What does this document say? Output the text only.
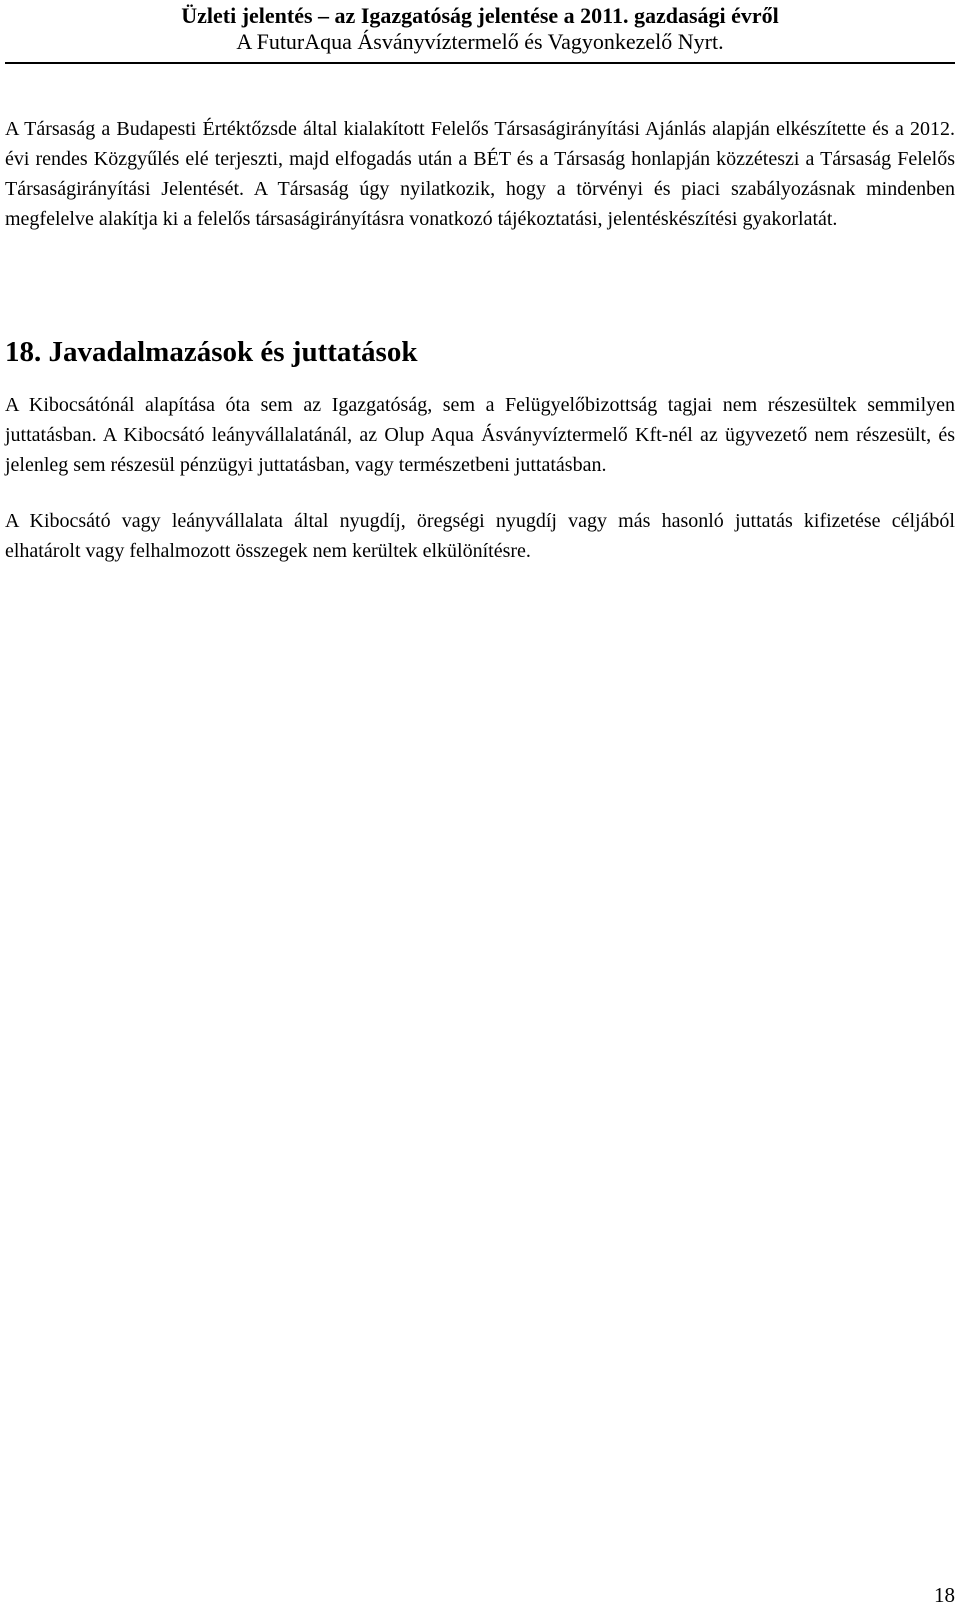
Üzleti jelentés – az Igazgatóság jelentése a 2011. gazdasági évről

A FuturAqua Ásványvíztermelő és Vagyonkezelő Nyrt.

A Társaság a Budapesti Értéktőzsde által kialakított Felelős Társaságirányítási Ajánlás alapján elkészítette és a 2012. évi rendes Közgyűlés elé terjeszti, majd elfogadás után a BÉT és a Társaság honlapján közzéteszi a Társaság Felelős Társaságirányítási Jelentését. A Társaság úgy nyilatkozik, hogy a törvényi és piaci szabályozásnak mindenben megfelelve alakítja ki a felelős társaságirányításra vonatkozó tájékoztatási, jelentéskészítési gyakorlatát.

18. Javadalmazások és juttatások

A Kibocsátónál alapítása óta sem az Igazgatóság, sem a Felügyelőbizottság tagjai nem részesültek semmilyen juttatásban. A Kibocsátó leányvállalatánál, az Olup Aqua Ásványvíztermelő Kft-nél az ügyvezető nem részesült, és jelenleg sem részesül pénzügyi juttatásban, vagy természetbeni juttatásban.

A Kibocsátó vagy leányvállalata által nyugdíj, öregségi nyugdíj vagy más hasonló juttatás kifizetése céljából elhatárolt vagy felhalmozott összegek nem kerültek elkülönítésre.

18
